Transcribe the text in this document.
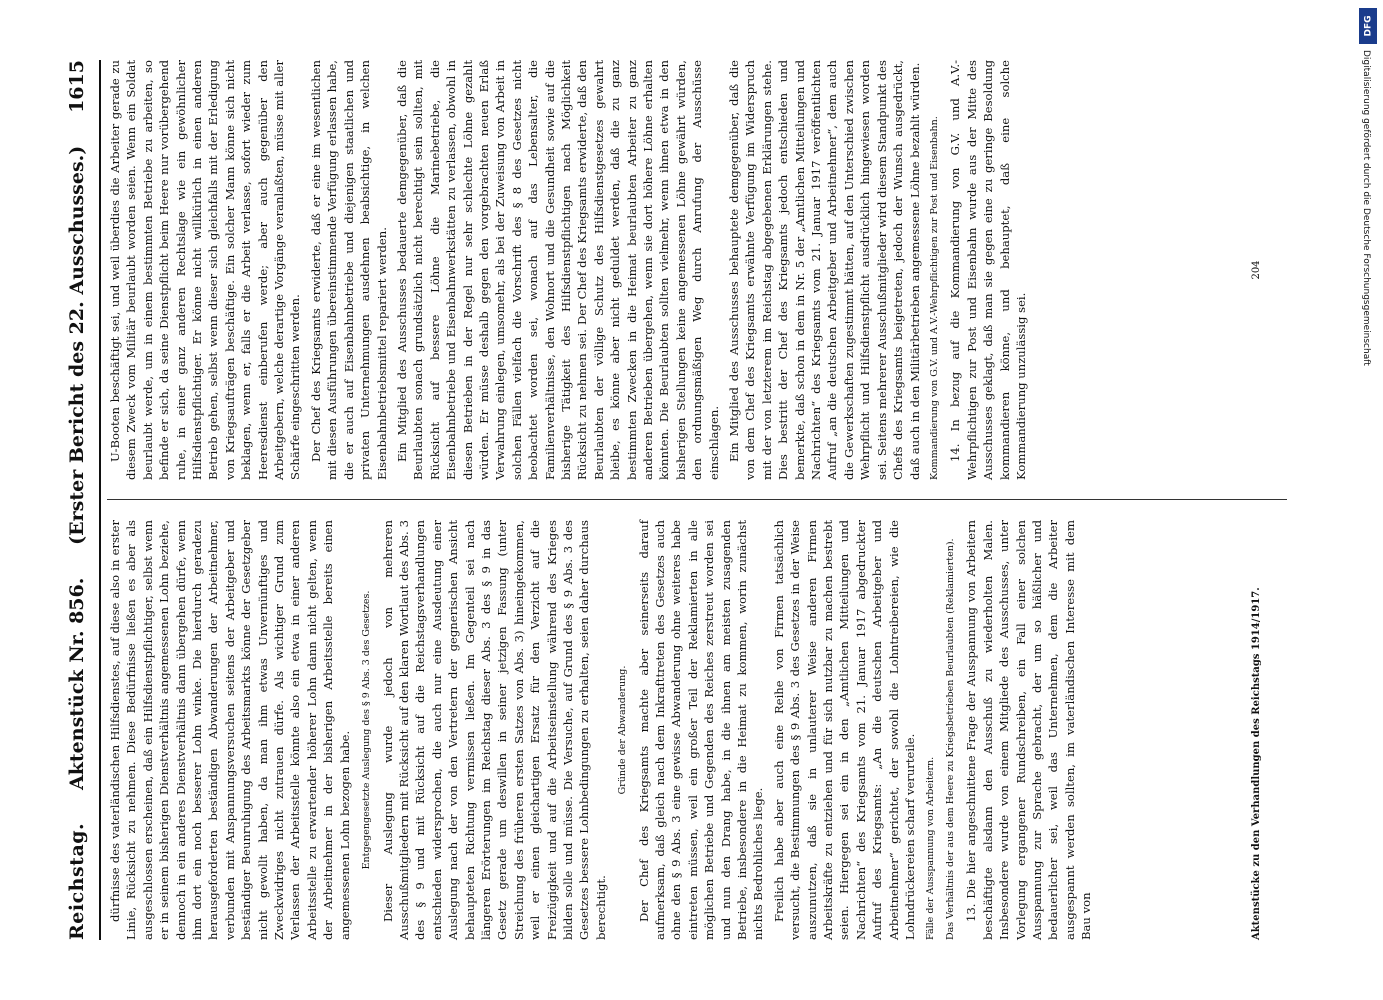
Reichstag.
Aktenstück Nr. 856.
(Erster Bericht des 22. Ausschusses.)
1615

dürfnisse des vaterländischen Hilfsdienstes, auf diese also in erster Linie, Rücksicht zu nehmen. Diese Bedürfnisse ließen es aber als ausgeschlossen erscheinen, daß ein Hilfsdienstpflichtiger, selbst wenn er in seinem bisherigen Dienstverhältnis angemessenen Lohn beziehe, dennoch in ein anderes Dienstverhältnis dann übergehen dürfe, wenn ihm dort ein noch besserer Lohn winke. Die hierdurch geradezu herausgeforderten beständigen Abwanderungen der Arbeitnehmer, verbunden mit Anspannungsversuchen seitens der Arbeitgeber und beständiger Beunruhigung des Arbeitsmarkts könne der Gesetzgeber nicht gewollt haben, da man ihm etwas Unvernünftiges und Zweckwidriges nicht zutrauen dürfe. Als wichtiger Grund zum Verlassen der Arbeitsstelle könnte also ein etwa in einer anderen Arbeitsstelle zu erwartender höherer Lohn dann nicht gelten, wenn der Arbeitnehmer in der bisherigen Arbeitsstelle bereits einen angemessenen Lohn bezogen habe. Entgegengesetzte Auslegung des § 9 Abs. 3 des Gesetzes. Dieser Auslegung wurde jedoch von mehreren Ausschußmitgliedern mit Rücksicht auf den klaren Wortlaut des Abs. 3 des § 9 und mit Rücksicht auf die Reichstagsverhandlungen entschieden widersprochen, die auch nur eine Ausdeutung einer Auslegung nach der von den Vertretern der gegnerischen Ansicht behaupteten Richtung vermissen ließen. Im Gegenteil sei nach längeren Erörterungen im Reichstag dieser Abs. 3 des § 9 in das Gesetz gerade um deswillen in seiner jetzigen Fassung (unter Streichung des früheren ersten Satzes von Abs. 3) hineingekommen, weil er einen gleichartigen Ersatz für den Verzicht auf die Freizügigkeit und auf die Arbeitseinstellung während des Krieges bilden solle und müsse. Die Versuche, auf Grund des § 9 Abs. 3 des Gesetzes bessere Lohnbedingungen zu erhalten, seien daher durchaus berechtigt.

Gründe der Abwanderung. Der Chef des Kriegsamts machte aber seinerseits darauf aufmerksam, daß gleich nach dem Inkrafttreten des Gesetzes auch ohne den § 9 Abs. 3 eine gewisse Abwanderung ohne weiteres habe eintreten müssen, weil ein großer Teil der Reklamierten in alle möglichen Betriebe und Gegenden des Reiches zerstreut worden sei und nun den Drang habe, in die ihnen am meisten zusagenden Betriebe, insbesondere in die Heimat zu kommen, worin zunächst nichts Bedrohliches liege. Freilich habe aber auch eine Reihe von Firmen tatsächlich versucht, die Bestimmungen des § 9 Abs. 3 des Gesetzes in der Weise auszunutzen, daß sie in unlauterer Weise anderen Firmen Arbeitskräfte zu entziehen und für sich nutzbar zu machen bestrebt seien. Hiergegen sei ein in den „Amtlichen Mitteilungen und Nachrichten“ des Kriegsamts vom 21. Januar 1917 abgedruckter Aufruf des Kriegsamts: „An die deutschen Arbeitgeber und Arbeitnehmer“ gerichtet, der sowohl die Lohntreibereien, wie die Lohndrückereien scharf verurteile. Fälle der Ausspannung von Arbeitern. Das Verhältnis der aus dem Heere zu Kriegsbetrieben Beurlaubten (Reklamierten). 13. Die hier angeschnittene Frage der Ausspannung von Arbeitern beschäftigte alsdann den Ausschuß zu wiederholten Malen. Insbesondere wurde von einem Mitgliede des Ausschusses, unter Vorlegung ergangener Rundschreiben, ein Fall einer solchen Ausspannung zur Sprache gebracht, der um so häßlicher und bedauerlicher sei, weil das Unternehmen, dem die Arbeiter ausgespannt werden sollten, im vaterländischen Interesse mit dem Bau von	Aktenstücke zu den Verhandlungen des Reichstags 1914/1917.

U-Booten beschäftigt sei, und weil überdies die Arbeiter gerade zu diesem Zweck vom Militär beurlaubt worden seien. Wenn ein Soldat beurlaubt werde, um in einem bestimmten Betriebe zu arbeiten, so befinde er sich, da seine Dienstpflicht beim Heere nur vorübergehend ruhe, in einer ganz anderen Rechtslage wie ein gewöhnlicher Hilfsdienstpflichtiger. Er könne nicht willkürlich in einen anderen Betrieb gehen, selbst wenn dieser sich gleichfalls mit der Erledigung von Kriegsaufträgen beschäftige. Ein solcher Mann könne sich nicht beklagen, wenn er, falls er die Arbeit verlasse, sofort wieder zum Heeresdienst einberufen werde; aber auch gegenüber den Arbeitgebern, welche derartige Vorgänge veranlaßten, müsse mit aller Schärfe eingeschritten werden. Der Chef des Kriegsamts erwiderte, daß er eine im wesentlichen mit diesen Ausführungen übereinstimmende Verfügung erlassen habe, die er auch auf Eisenbahnbetriebe und diejenigen staatlichen und privaten Unternehmungen ausdehnen beabsichtige, in welchen Eisenbahnbetriebsmittel repariert werden. Ein Mitglied des Ausschusses bedauerte demgegenüber, daß die Beurlaubten sonach grundsätzlich nicht berechtigt sein sollten, mit Rücksicht auf bessere Löhne die Marinebetriebe, die Eisenbahnbetriebe und Eisenbahnwerkstätten zu verlassen, obwohl in diesen Betrieben in der Regel nur sehr schlechte Löhne gezahlt würden. Er müsse deshalb gegen den vorgebrachten neuen Erlaß Verwahrung einlegen, umsomehr, als bei der Zuweisung von Arbeit in solchen Fällen vielfach die Vorschrift des § 8 des Gesetzes nicht beobachtet worden sei, wonach auf das Lebensalter, die Familienverhältnisse, den Wohnort und die Gesundheit sowie auf die bisherige Tätigkeit des Hilfsdienstpflichtigen nach Möglichkeit Rücksicht zu nehmen sei. Der Chef des Kriegsamts erwiderte, daß den Beurlaubten der völlige Schutz des Hilfsdienstgesetzes gewahrt bleibe, es könne aber nicht geduldet werden, daß die zu ganz bestimmten Zwecken in die Heimat beurlaubten Arbeiter zu ganz anderen Betrieben übergehen, wenn sie dort höhere Löhne erhalten könnten. Die Beurlaubten sollten vielmehr, wenn ihnen etwa in den bisherigen Stellungen keine angemessenen Löhne gewährt würden, den ordnungsmäßigen Weg durch Anrufung der Ausschüsse einschlagen. Ein Mitglied des Ausschusses behauptete demgegenüber, daß die von dem Chef des Kriegsamts erwähnte Verfügung im Widerspruch mit der von letzterem im Reichstag abgegebenen Erklärungen stehe. Dies bestritt der Chef des Kriegsamts jedoch entschieden und bemerkte, daß schon in dem in Nr. 5 der „Amtlichen Mitteilungen und Nachrichten“ des Kriegsamts vom 21. Januar 1917 veröffentlichten Aufruf „an die deutschen Arbeitgeber und Arbeitnehmer“, dem auch die Gewerkschaften zugestimmt hätten, auf den Unterschied zwischen Wehrpflicht und Hilfsdienstpflicht ausdrücklich hingewiesen worden sei. Seitens mehrerer Ausschußmitglieder wird diesem Standpunkt des Chefs des Kriegsamts beigetreten, jedoch der Wunsch ausgedrückt, daß auch in den Militärbetrieben angemessene Löhne bezahlt würden. Kommandierung von G.V. und A.V.-Wehrpflichtigen zur Post und Eisenbahn. 14. In bezug auf die Kommandierung von G.V. und A.V.-Wehrpflichtigen zur Post und Eisenbahn wurde aus der Mitte des Ausschusses geklagt, daß man sie gegen eine zu geringe Besoldung kommandieren könne, und behauptet, daß eine solche Kommandierung unzulässig sei.

204
DFG
Digitalisierung gefördert durch die Deutsche Forschungsgemeinschaft
